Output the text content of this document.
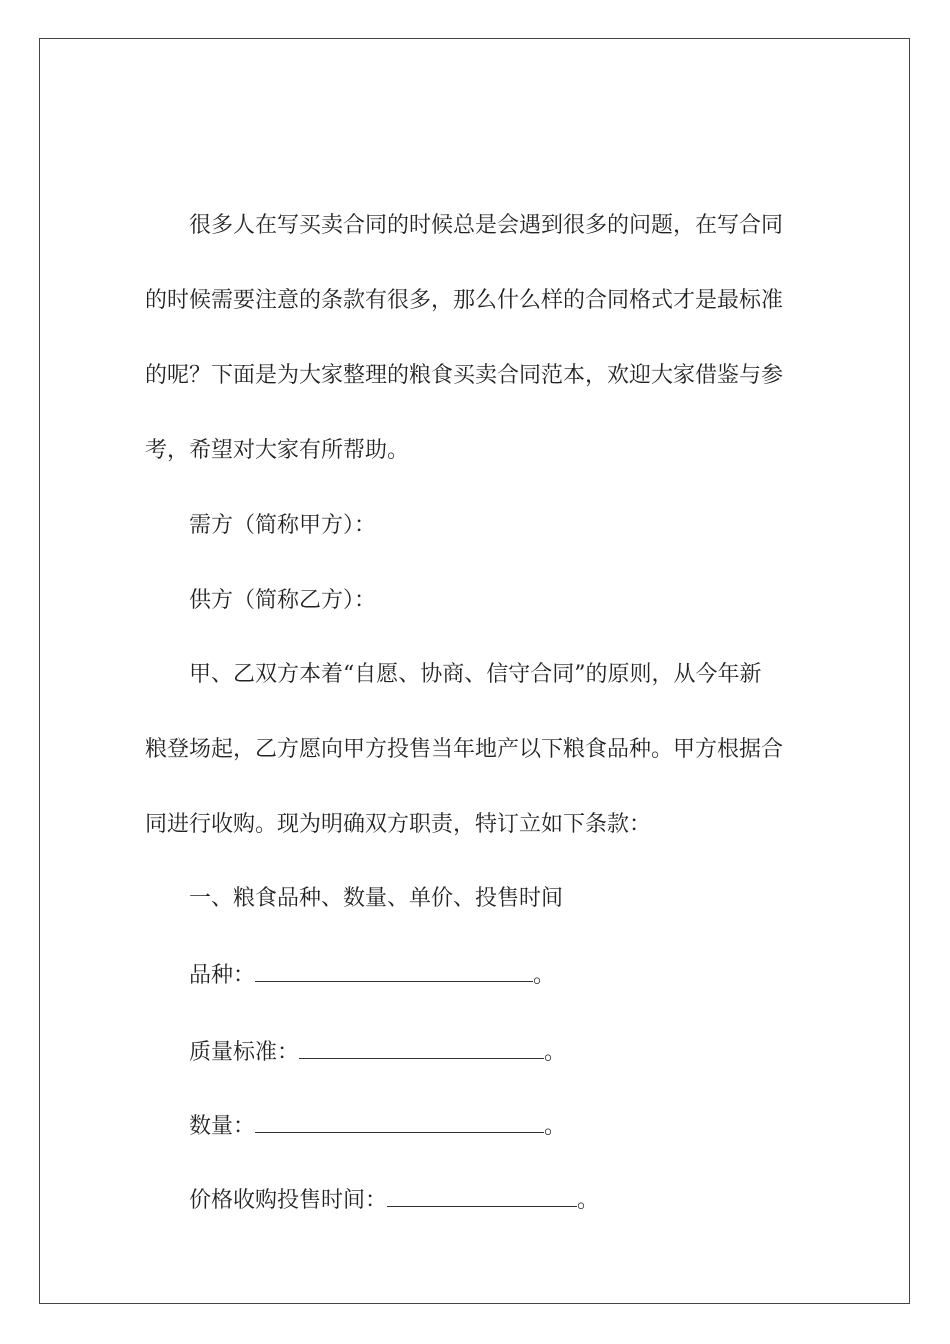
很多人在写买卖合同的时候总是会遇到很多的问题，在写合同
的时候需要注意的条款有很多，那么什么样的合同格式才是最标准
的呢？下面是为大家整理的粮食买卖合同范本，欢迎大家借鉴与参
考，希望对大家有所帮助。
需方（简称甲方）：
供方（简称乙方）：
甲、乙双方本着“自愿、协商、信守合同”的原则，从今年新
粮登场起，乙方愿向甲方投售当年地产以下粮食品种。甲方根据合
同进行收购。现为明确双方职责，特订立如下条款：
一、粮食品种、数量、单价、投售时间
品种：	。
质量标准：	。
数量：	。
价格收购投售时间：	。
